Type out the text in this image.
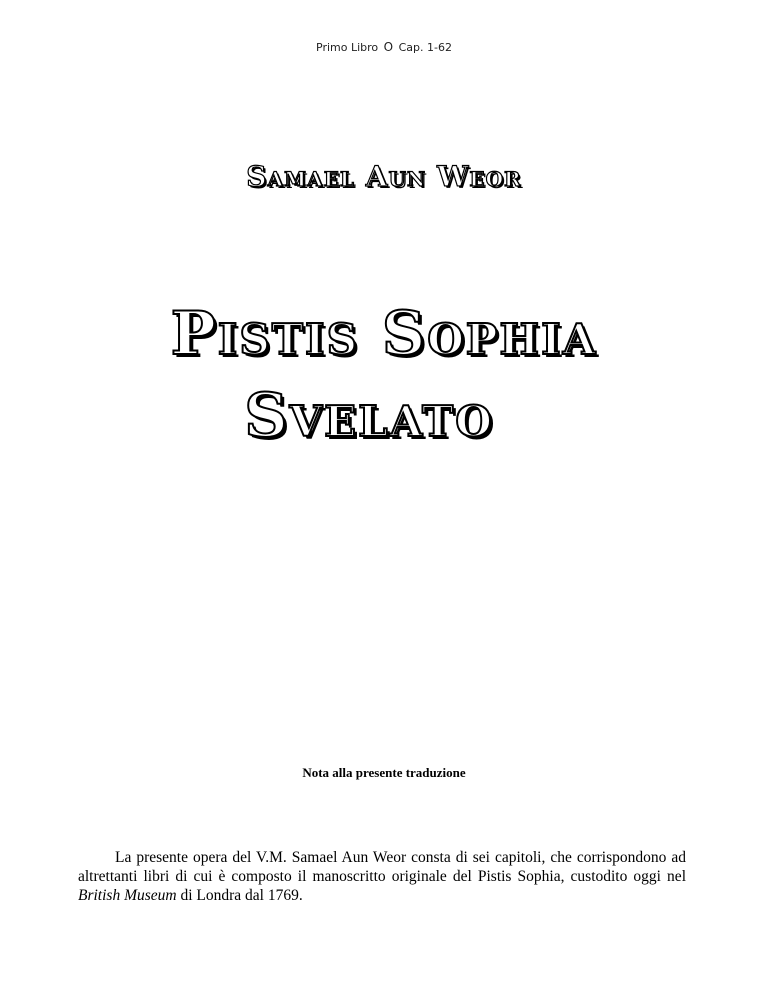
Primo Libro O Cap. 1-62
Samael Aun Weor
Pistis Sophia
Svelato
Nota alla presente traduzione

La presente opera del V.M. Samael Aun Weor consta di sei capitoli, che corrispondono ad altrettanti libri di cui è composto il manoscritto originale del Pistis Sophia, custodito oggi nel British Museum di Londra dal 1769.
